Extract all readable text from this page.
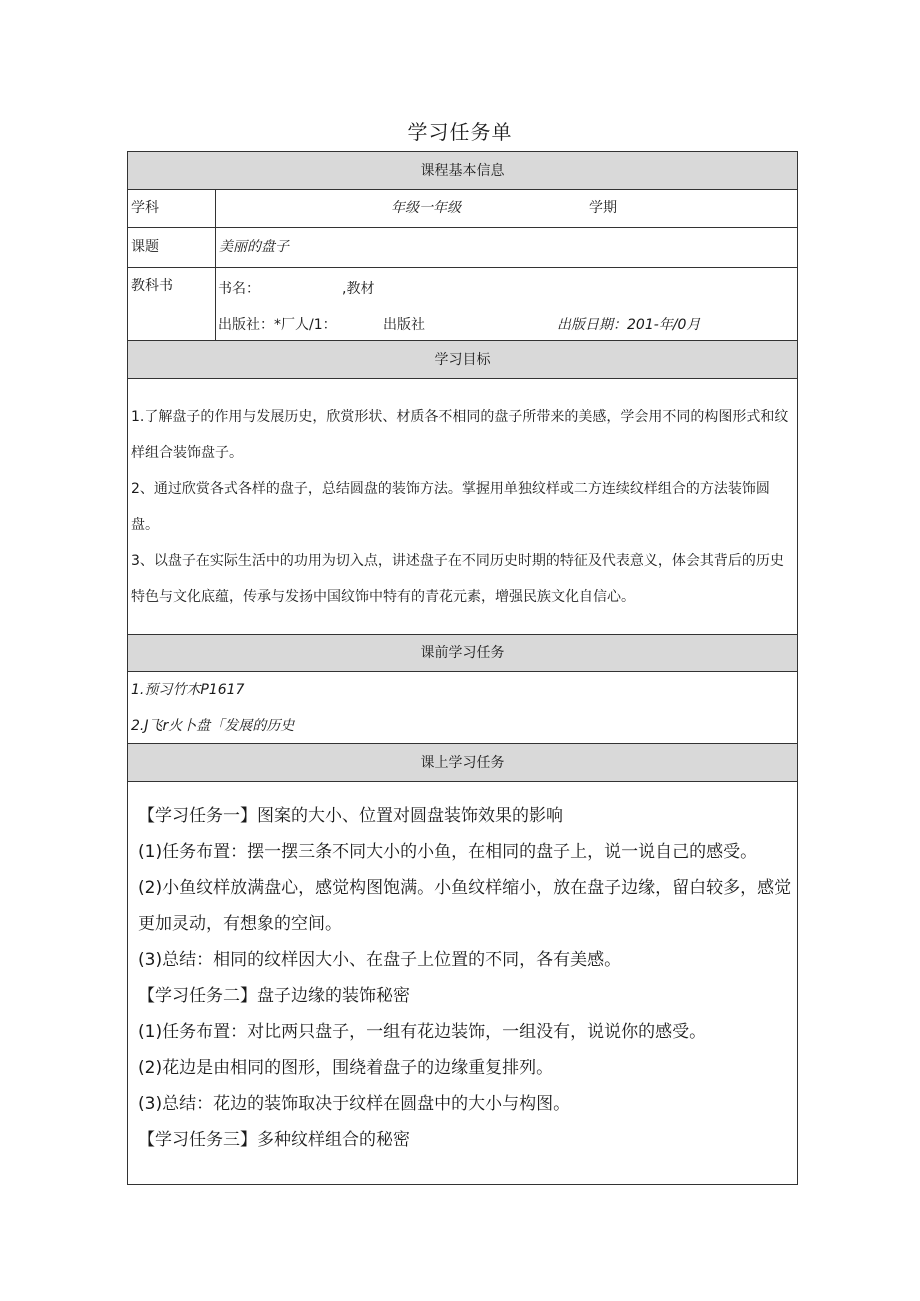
学习任务单
课程基本信息
学科	年级一年级	学期
课题	美丽的盘子
教科书	书名：	,教材
出版社：*厂人/1：	出版社	出版日期：201-年/0月
学习目标
1.了解盘子的作用与发展历史，欣赏形状、材质各不相同的盘子所带来的美感，学会用不同的构图形式和纹样组合装饰盘子。
2、通过欣赏各式各样的盘子，总结圆盘的装饰方法。掌握用单独纹样或二方连续纹样组合的方法装饰圆盘。
3、以盘子在实际生活中的功用为切入点，讲述盘子在不同历史时期的特征及代表意义，体会其背后的历史特色与文化底蕴，传承与发扬中国纹饰中特有的青花元素，增强民族文化自信心。
课前学习任务
1.预习竹木P1617
2.J飞r火卜盘「发展的历史
课上学习任务

【学习任务一】图案的大小、位置对圆盘装饰效果的影响

(1)任务布置：摆一摆三条不同大小的小鱼，在相同的盘子上，说一说自己的感受。

(2)小鱼纹样放满盘心，感觉构图饱满。小鱼纹样缩小，放在盘子边缘，留白较多，感觉更加灵动，有想象的空间。

(3)总结：相同的纹样因大小、在盘子上位置的不同，各有美感。

【学习任务二】盘子边缘的装饰秘密

(1)任务布置：对比两只盘子，一组有花边装饰，一组没有，说说你的感受。

(2)花边是由相同的图形，围绕着盘子的边缘重复排列。

(3)总结：花边的装饰取决于纹样在圆盘中的大小与构图。

【学习任务三】多种纹样组合的秘密
